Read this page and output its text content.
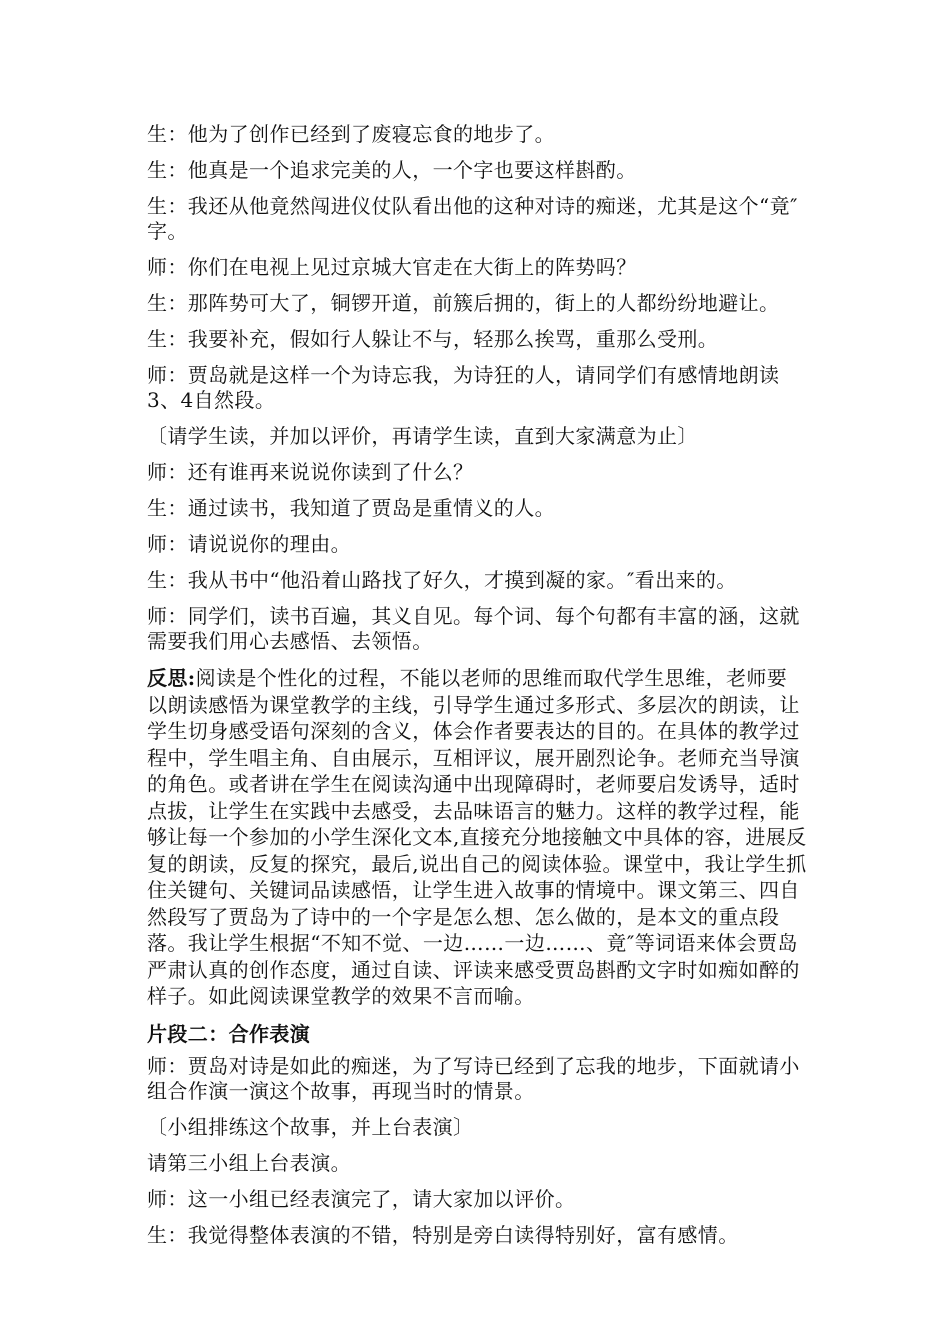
生：他为了创作已经到了废寝忘食的地步了。

生：他真是一个追求完美的人，一个字也要这样斟酌。

生：我还从他竟然闯进仪仗队看出他的这种对诗的痴迷，尤其是这个“竟″字。

师：你们在电视上见过京城大官走在大街上的阵势吗？

生：那阵势可大了，铜锣开道，前簇后拥的，街上的人都纷纷地避让。

生：我要补充，假如行人躲让不与，轻那么挨骂，重那么受刑。

师：贾岛就是这样一个为诗忘我，为诗狂的人，请同学们有感情地朗读3、4自然段。

〔请学生读，并加以评价，再请学生读，直到大家满意为止〕

师：还有谁再来说说你读到了什么？

生：通过读书，我知道了贾岛是重情义的人。

师：请说说你的理由。

生：我从书中“他沿着山路找了好久，才摸到凝的家。″看出来的。

师：同学们，读书百遍，其义自见。每个词、每个句都有丰富的涵，这就需要我们用心去感悟、去领悟。

反思:阅读是个性化的过程，不能以老师的思维而取代学生思维，老师要以朗读感悟为课堂教学的主线，引导学生通过多形式、多层次的朗读，让学生切身感受语句深刻的含义，体会作者要表达的目的。在具体的教学过程中，学生唱主角、自由展示，互相评议，展开剧烈论争。老师充当导演的角色。或者讲在学生在阅读沟通中出现障碍时，老师要启发诱导，适时点拔，让学生在实践中去感受，去品味语言的魅力。这样的教学过程，能够让每一个参加的小学生深化文本,直接充分地接触文中具体的容，进展反复的朗读，反复的探究，最后,说出自己的阅读体验。课堂中，我让学生抓住关键句、关键词品读感悟，让学生进入故事的情境中。课文第三、四自然段写了贾岛为了诗中的一个字是怎么想、怎么做的，是本文的重点段落。我让学生根据“不知不觉、一边……一边……、竟″等词语来体会贾岛严肃认真的创作态度，通过自读、评读来感受贾岛斟酌文字时如痴如醉的样子。如此阅读课堂教学的效果不言而喻。

片段二：合作表演

师：贾岛对诗是如此的痴迷，为了写诗已经到了忘我的地步，下面就请小组合作演一演这个故事，再现当时的情景。

〔小组排练这个故事，并上台表演〕

请第三小组上台表演。

师：这一小组已经表演完了，请大家加以评价。

生：我觉得整体表演的不错，特别是旁白读得特别好，富有感情。
